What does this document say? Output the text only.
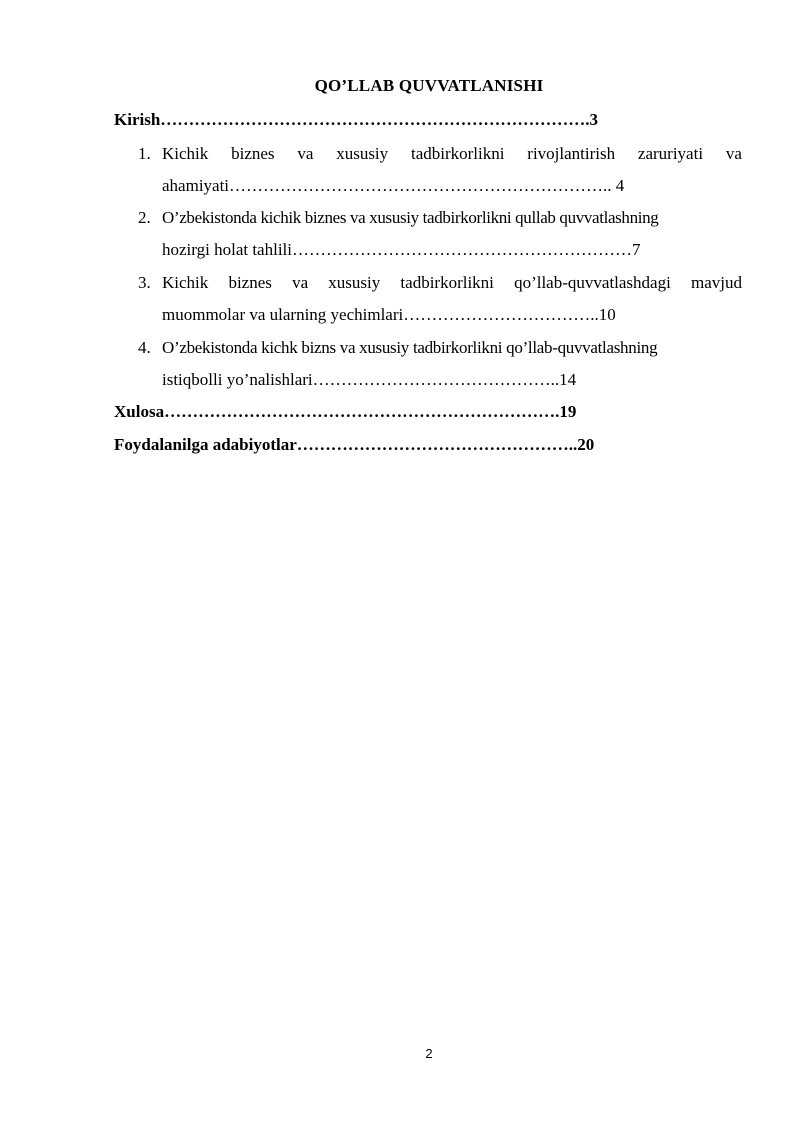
QO’LLAB QUVVATLANISHI
Kirish………………………………………………………………….3
1. Kichik biznes va xususiy tadbirkorlikni rivojlantirish zaruriyati va
ahamiyati………………………………………………………….. 4
2. O’zbekistonda kichik biznes va xususiy tadbirkorlikni qullab quvvatlashning
hozirgi holat tahlili……………………………………………………7
3. Kichik biznes va xususiy tadbirkorlikni qo’llab-quvvatlashdagi mavjud
muommolar va ularning yechimlari……………………………..10
4. O’zbekistonda kichk bizns va xususiy tadbirkorlikni qo’llab-quvvatlashning
istiqbolli yo’nalishlari……………………………………..14
Xulosa…………………………………………………………….19
Foydalanilga adabiyotlar…………………………………………..20
2
